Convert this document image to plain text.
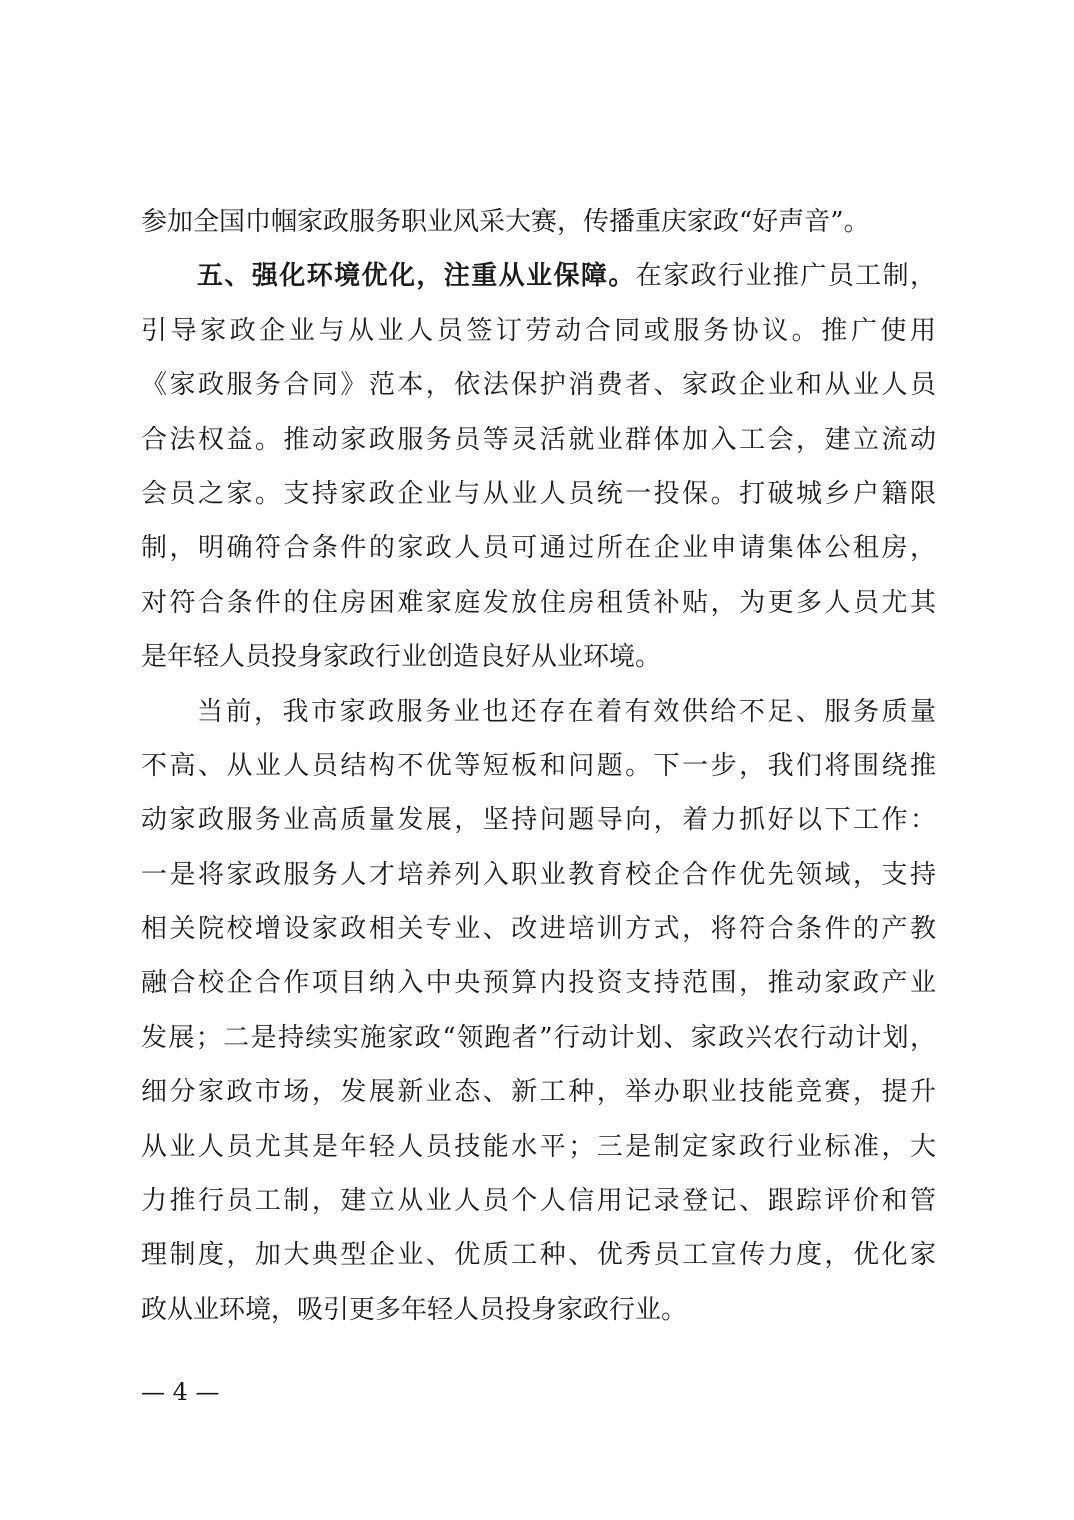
参加全国巾帼家政服务职业风采大赛，传播重庆家政“好声音”。
五、强化环境优化，注重从业保障。在家政行业推广员工制，
引导家政企业与从业人员签订劳动合同或服务协议。推广使用
《家政服务合同》范本，依法保护消费者、家政企业和从业人员
合法权益。推动家政服务员等灵活就业群体加入工会，建立流动
会员之家。支持家政企业与从业人员统一投保。打破城乡户籍限
制，明确符合条件的家政人员可通过所在企业申请集体公租房，
对符合条件的住房困难家庭发放住房租赁补贴，为更多人员尤其
是年轻人员投身家政行业创造良好从业环境。
当前，我市家政服务业也还存在着有效供给不足、服务质量
不高、从业人员结构不优等短板和问题。下一步，我们将围绕推
动家政服务业高质量发展，坚持问题导向，着力抓好以下工作：
一是将家政服务人才培养列入职业教育校企合作优先领域，支持
相关院校增设家政相关专业、改进培训方式，将符合条件的产教
融合校企合作项目纳入中央预算内投资支持范围，推动家政产业
发展；二是持续实施家政“领跑者”行动计划、家政兴农行动计划，
细分家政市场，发展新业态、新工种，举办职业技能竞赛，提升
从业人员尤其是年轻人员技能水平；三是制定家政行业标准，大
力推行员工制，建立从业人员个人信用记录登记、跟踪评价和管
理制度，加大典型企业、优质工种、优秀员工宣传力度，优化家
政从业环境，吸引更多年轻人员投身家政行业。
— 4 —
